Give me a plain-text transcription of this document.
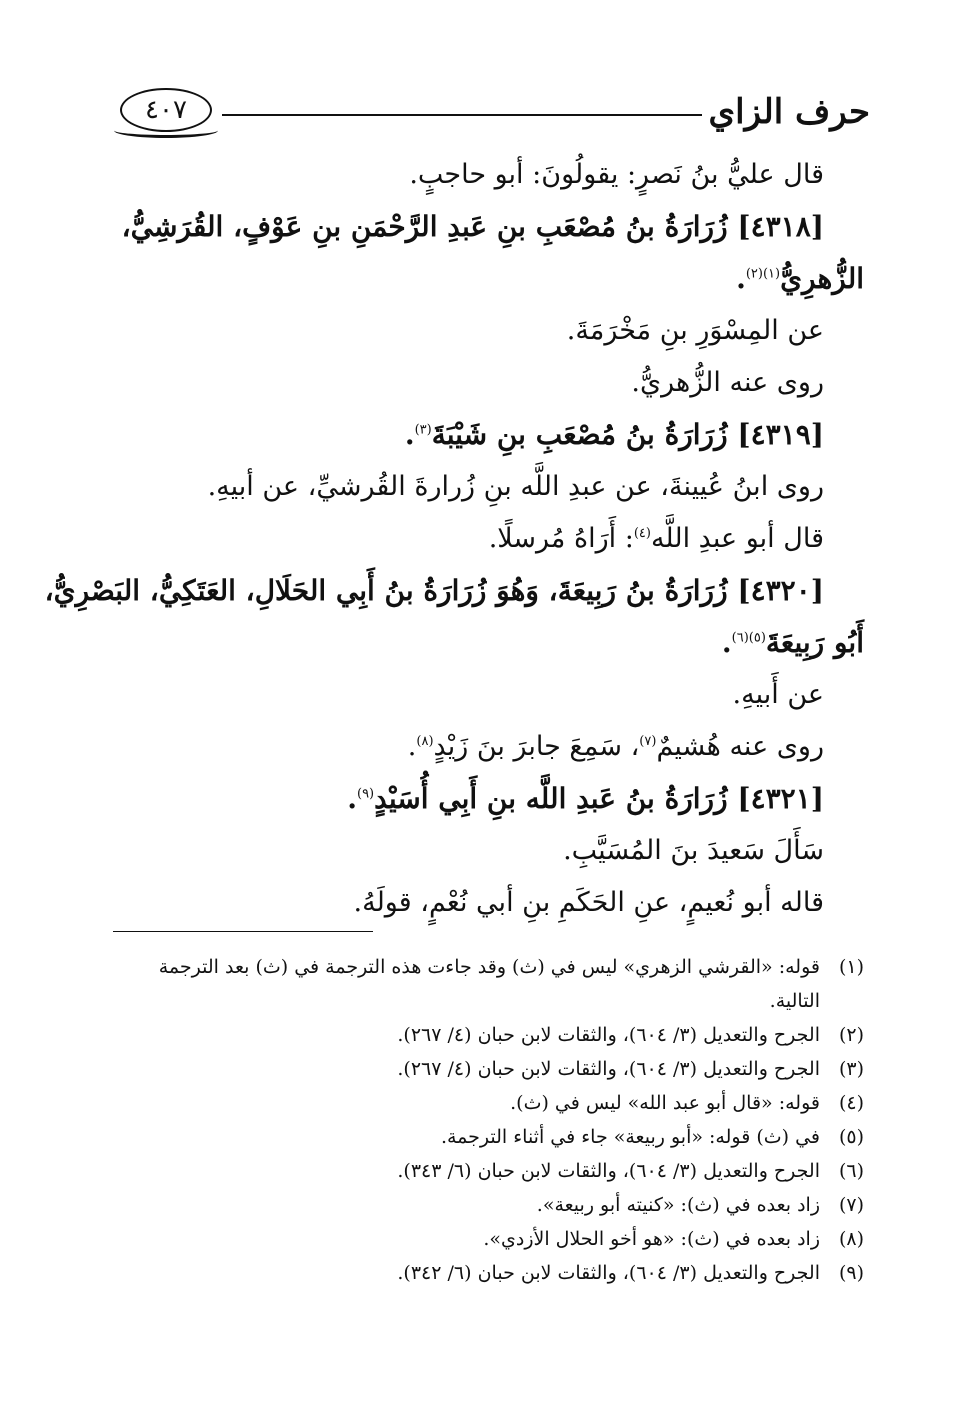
حرف الزاي
٤٠٧
قال عليُّ بنُ نَصرٍ: يقولُونَ: أبو حاجبٍ.
[٤٣١٨] زُرَارَةُ بنُ مُصْعَبِ بنِ عَبدِ الرَّحْمَنِ بنِ عَوْفٍ، القُرَشِيُّ،
الزُّهرِيُّ$^{(١)(٢)}$.
عن المِسْوَرِ بنِ مَخْرَمَةَ.
روى عنه الزُّهريُّ.
[٤٣١٩] زُرَارَةُ بنُ مُصْعَبِ بنِ شَيْبَةَ$^{(٣)}$.
روى ابنُ عُيينةَ، عن عبدِ اللَّه بنِ زُرارةَ القُرشيِّ، عن أبيهِ.
قال أبو عبدِ اللَّه$^{(٤)}$: أَرَاهُ مُرسلًا.
[٤٣٢٠] زُرَارَةُ بنُ رَبِيعَةَ، وَهُوَ زُرَارَةُ بنُ أَبِي الحَلَالِ، العَتَكِيُّ، البَصْرِيُّ،
أَبُو رَبِيعَةَ$^{(٥)(٦)}$.
عن أَبيهِ.
روى عنه هُشيمٌ$^{(٧)}$، سَمِعَ جابرَ بنَ زَيْدٍ$^{(٨)}$.
[٤٣٢١] زُرَارَةُ بنُ عَبدِ اللَّه بنِ أَبِي أُسَيْدٍ$^{(٩)}$.
سَأَلَ سَعيدَ بنَ المُسَيَّبِ.
قاله أبو نُعيمٍ، عنِ الحَكَمِ بنِ أبي نُعْمٍ، قولَهُ.
(١)
قوله: «القرشي الزهري» ليس في (ث) وقد جاءت هذه الترجمة في (ث) بعد الترجمة التالية.
(٢)
الجرح والتعديل (٣/ ٦٠٤)، والثقات لابن حبان (٤/ ٢٦٧).
(٣)
الجرح والتعديل (٣/ ٦٠٤)، والثقات لابن حبان (٤/ ٢٦٧).
(٤)
قوله: «قال أبو عبد الله» ليس في (ث).
(٥)
في (ث) قوله: «أبو ربيعة» جاء في أثناء الترجمة.
(٦)
الجرح والتعديل (٣/ ٦٠٤)، والثقات لابن حبان (٦/ ٣٤٣).
(٧)
زاد بعده في (ث): «كنيته أبو ربيعة».
(٨)
زاد بعده في (ث): «هو أخو الحلال الأزدي».
(٩)
الجرح والتعديل (٣/ ٦٠٤)، والثقات لابن حبان (٦/ ٣٤٢).
